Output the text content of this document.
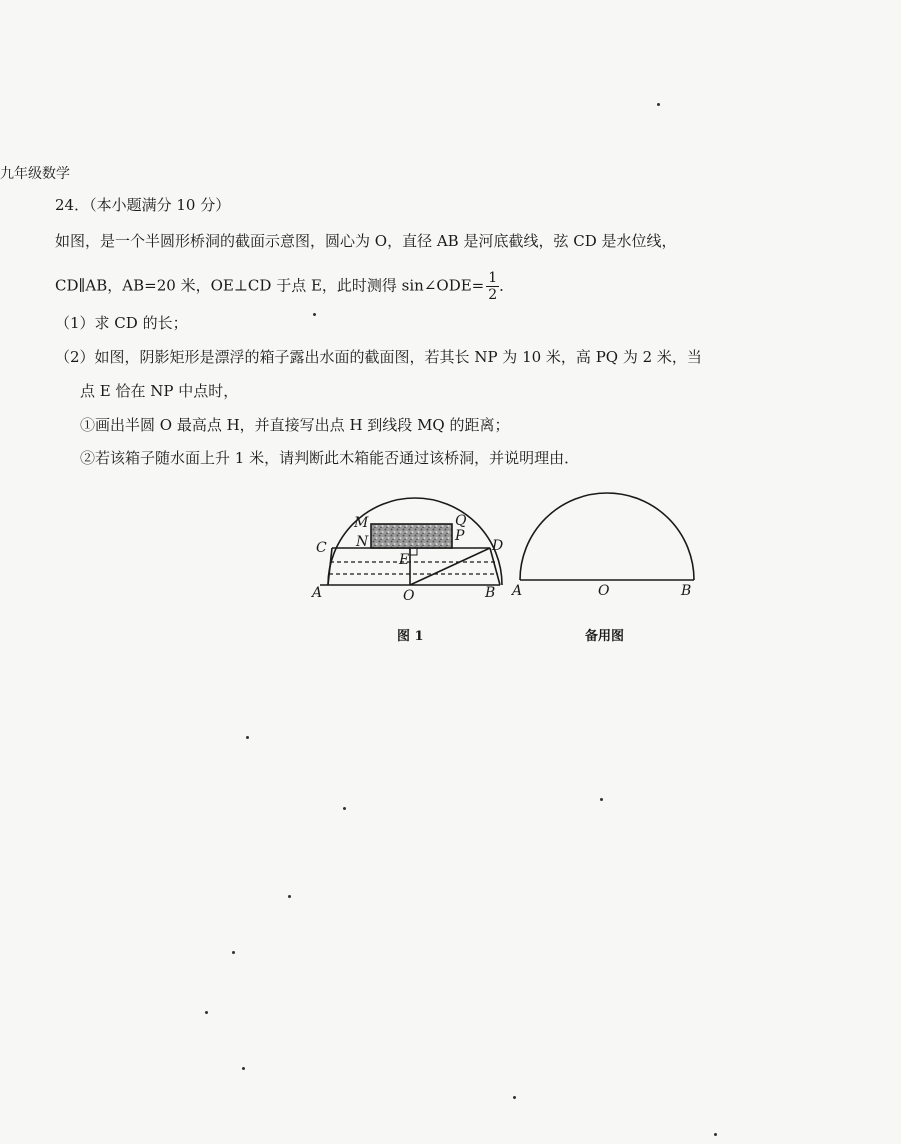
九年级数学
24．（本小题满分 10 分）
如图，是一个半圆形桥洞的截面示意图，圆心为 O，直径 AB 是河底截线，弦 CD 是水位线，
CD∥AB，AB=20 米，OE⊥CD 于点 E，此时测得 sin∠ODE= $\frac{1}{2}$ ．
（1）求 CD 的长；
（2）如图，阴影矩形是漂浮的箱子露出水面的截面图，若其长 NP 为 10 米，高 PQ 为 2 米，当
点 E 恰在 NP 中点时，
①画出半圆 O 最高点 H，并直接写出点 H 到线段 MQ 的距离；
②若该箱子随水面上升 1 米，请判断此木箱能否通过该桥洞，并说明理由．
M	Q
C N	P
D
E
A	O	B A	O	B
图 1	备用图
